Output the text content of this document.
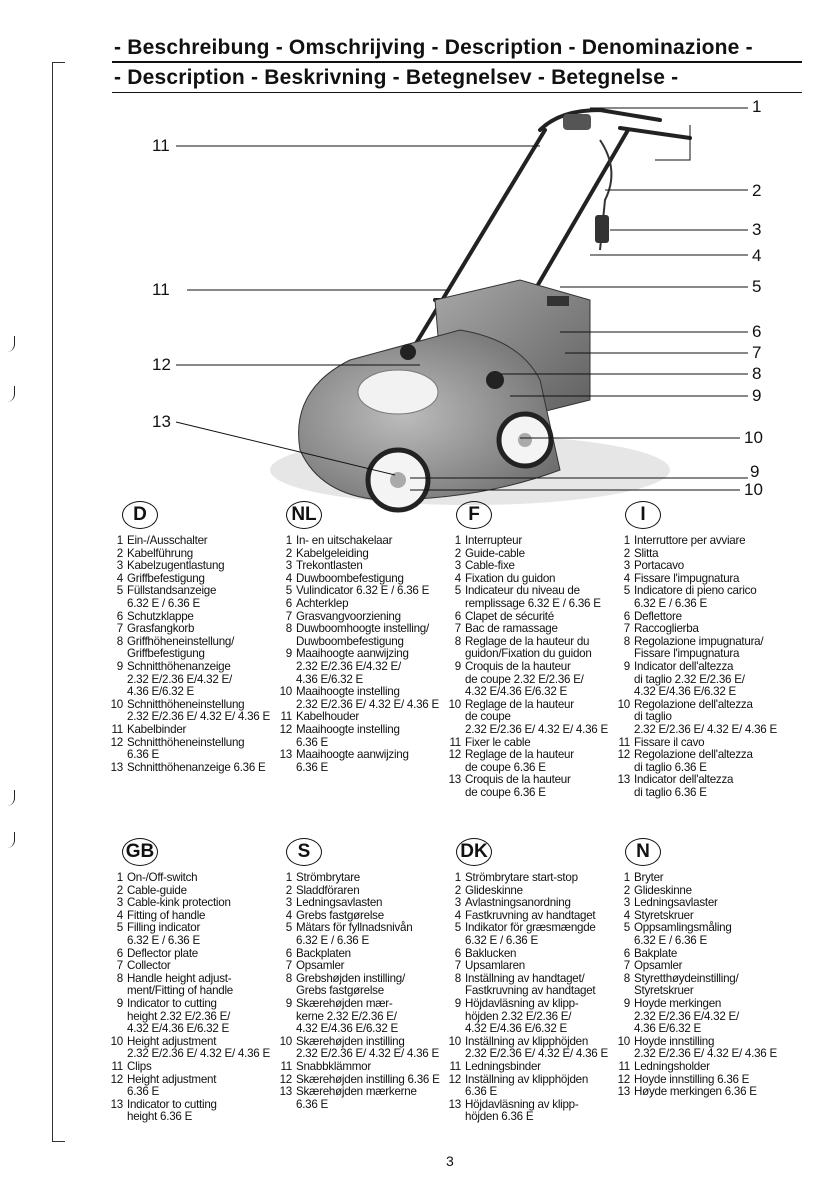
- Beschreibung - Omschrijving - Description - Denominazione -
- Description - Beskrivning - Betegnelsev - Betegnelse -
11
11
12
13
1
2
3
4
5
6
7
8
9
10
9
10
D	NL	F	I
1 Ein-/Ausschalter
2 Kabelführung
3 Kabelzugentlastung
4 Griffbefestigung
5 Füllstandsanzeige
6.32 E / 6.36 E
6 Schutzklappe
7 Grasfangkorb
8 Griffhöheneinstellung/
Griffbefestigung
9 Schnitthöhenanzeige
2.32 E/2.36 E/4.32 E/
4.36 E/6.32 E
10 Schnitthöheneinstellung
2.32 E/2.36 E/ 4.32 E/ 4.36 E
11 Kabelbinder
12 Schnitthöheneinstellung
6.36 E
13 Schnitthöhenanzeige 6.36 E
1 In- en uitschakelaar
2 Kabelgeleiding
3 Trekontlasten
4 Duwboombefestigung
5 Vulindicator 6.32 E / 6.36 E
6 Achterklep
7 Grasvangvoorziening
8 Duwboomhoogte instelling/
Duwboombefestigung
9 Maaihoogte aanwijzing
2.32 E/2.36 E/4.32 E/
4.36 E/6.32 E
10 Maaihoogte instelling
2.32 E/2.36 E/ 4.32 E/ 4.36 E
11 Kabelhouder
12 Maaihoogte instelling
6.36 E
13 Maaihoogte aanwijzing
6.36 E
1 Interrupteur
2 Guide-cable
3 Cable-fixe
4 Fixation du guidon
5 Indicateur du niveau de
remplissage 6.32 E / 6.36 E
6 Clapet de sécurité
7 Bac de ramassage
8 Reglage de la hauteur du
guidon/Fixation du guidon
9 Croquis de la hauteur
de coupe 2.32 E/2.36 E/
4.32 E/4.36 E/6.32 E
10 Reglage de la hauteur
de coupe
2.32 E/2.36 E/ 4.32 E/ 4.36 E
11 Fixer le cable
12 Reglage de la hauteur
de coupe 6.36 E
13 Croquis de la hauteur
de coupe 6.36 E
1 Interruttore per avviare
2 Slitta
3 Portacavo
4 Fissare l'impugnatura
5 Indicatore di pieno carico
6.32 E / 6.36 E
6 Deflettore
7 Raccoglierba
8 Regolazione impugnatura/
Fissare l'impugnatura
9 Indicator dell'altezza
di taglio 2.32 E/2.36 E/
4.32 E/4.36 E/6.32 E
10 Regolazione dell'altezza
di taglio
2.32 E/2.36 E/ 4.32 E/ 4.36 E
11 Fissare il cavo
12 Regolazione dell'altezza
di taglio 6.36 E
13 Indicator dell'altezza
di taglio 6.36 E
GB	S	DK	N
1 On-/Off-switch
2 Cable-guide
3 Cable-kink protection
4 Fitting of handle
5 Filling indicator
6.32 E / 6.36 E
6 Deflector plate
7 Collector
8 Handle height adjust-
ment/Fitting of handle
9 Indicator to cutting
height 2.32 E/2.36 E/
4.32 E/4.36 E/6.32 E
10 Height adjustment
2.32 E/2.36 E/ 4.32 E/ 4.36 E
11 Clips
12 Height adjustment
6.36 E
13 Indicator to cutting
height 6.36 E
1 Strömbrytare
2 Sladdföraren
3 Ledningsavlasten
4 Grebs fastgørelse
5 Mätars för fyllnadsnivån
6.32 E / 6.36 E
6 Backplaten
7 Opsamler
8 Grebshøjden instilling/
Grebs fastgørelse
9 Skærehøjden mær-
kerne 2.32 E/2.36 E/
4.32 E/4.36 E/6.32 E
10 Skærehøjden instilling
2.32 E/2.36 E/ 4.32 E/ 4.36 E
11 Snabbklämmor
12 Skærehøjden instilling 6.36 E
13 Skærehøjden mærkerne
6.36 E
1 Strömbrytare start-stop
2 Glideskinne
3 Avlastningsanordning
4 Fastkruvning av handtaget
5 Indikator för græsmængde
6.32 E / 6.36 E
6 Baklucken
7 Upsamlaren
8 Inställning av handtaget/
Fastkruvning av handtaget
9 Höjdavläsning av klipp-
höjden 2.32 E/2.36 E/
4.32 E/4.36 E/6.32 E
10 Inställning av klipphöjden
2.32 E/2.36 E/ 4.32 E/ 4.36 E
11 Ledningsbinder
12 Inställning av klipphöjden
6.36 E
13 Höjdavläsning av klipp-
höjden 6.36 E
1 Bryter
2 Glideskinne
3 Ledningsavlaster
4 Styretskruer
5 Oppsamlingsmåling
6.32 E / 6.36 E
6 Bakplate
7 Opsamler
8 Styretthøydeinstilling/
Styretskruer
9 Hoyde merkingen
2.32 E/2.36 E/4.32 E/
4.36 E/6.32 E
10 Hoyde innstilling
2.32 E/2.36 E/ 4.32 E/ 4.36 E
11 Ledningsholder
12 Hoyde innstilling 6.36 E
13 Høyde merkingen 6.36 E
3
